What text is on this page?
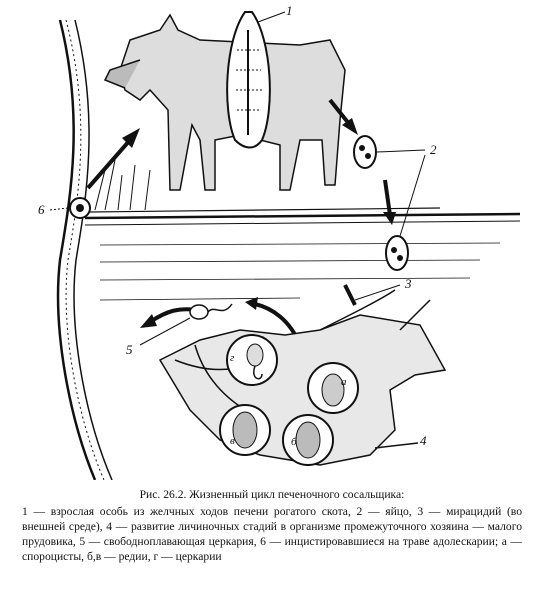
1
2
3
4
5
6
а
б
в
г
Рис. 26.2. Жизненный цикл печеночного сосальщика:
1 — взрослая особь из желчных ходов печени рогатого скота, 2 — яйцо, 3 — мирацидий (во внешней среде), 4 — развитие личиночных стадий в организме промежуточного хозяина — малого прудовика, 5 — свободноплавающая церкария, 6 — инцистировавшиеся на траве адолескарии; а — спороцисты, б,в — редии, г — церкарии
